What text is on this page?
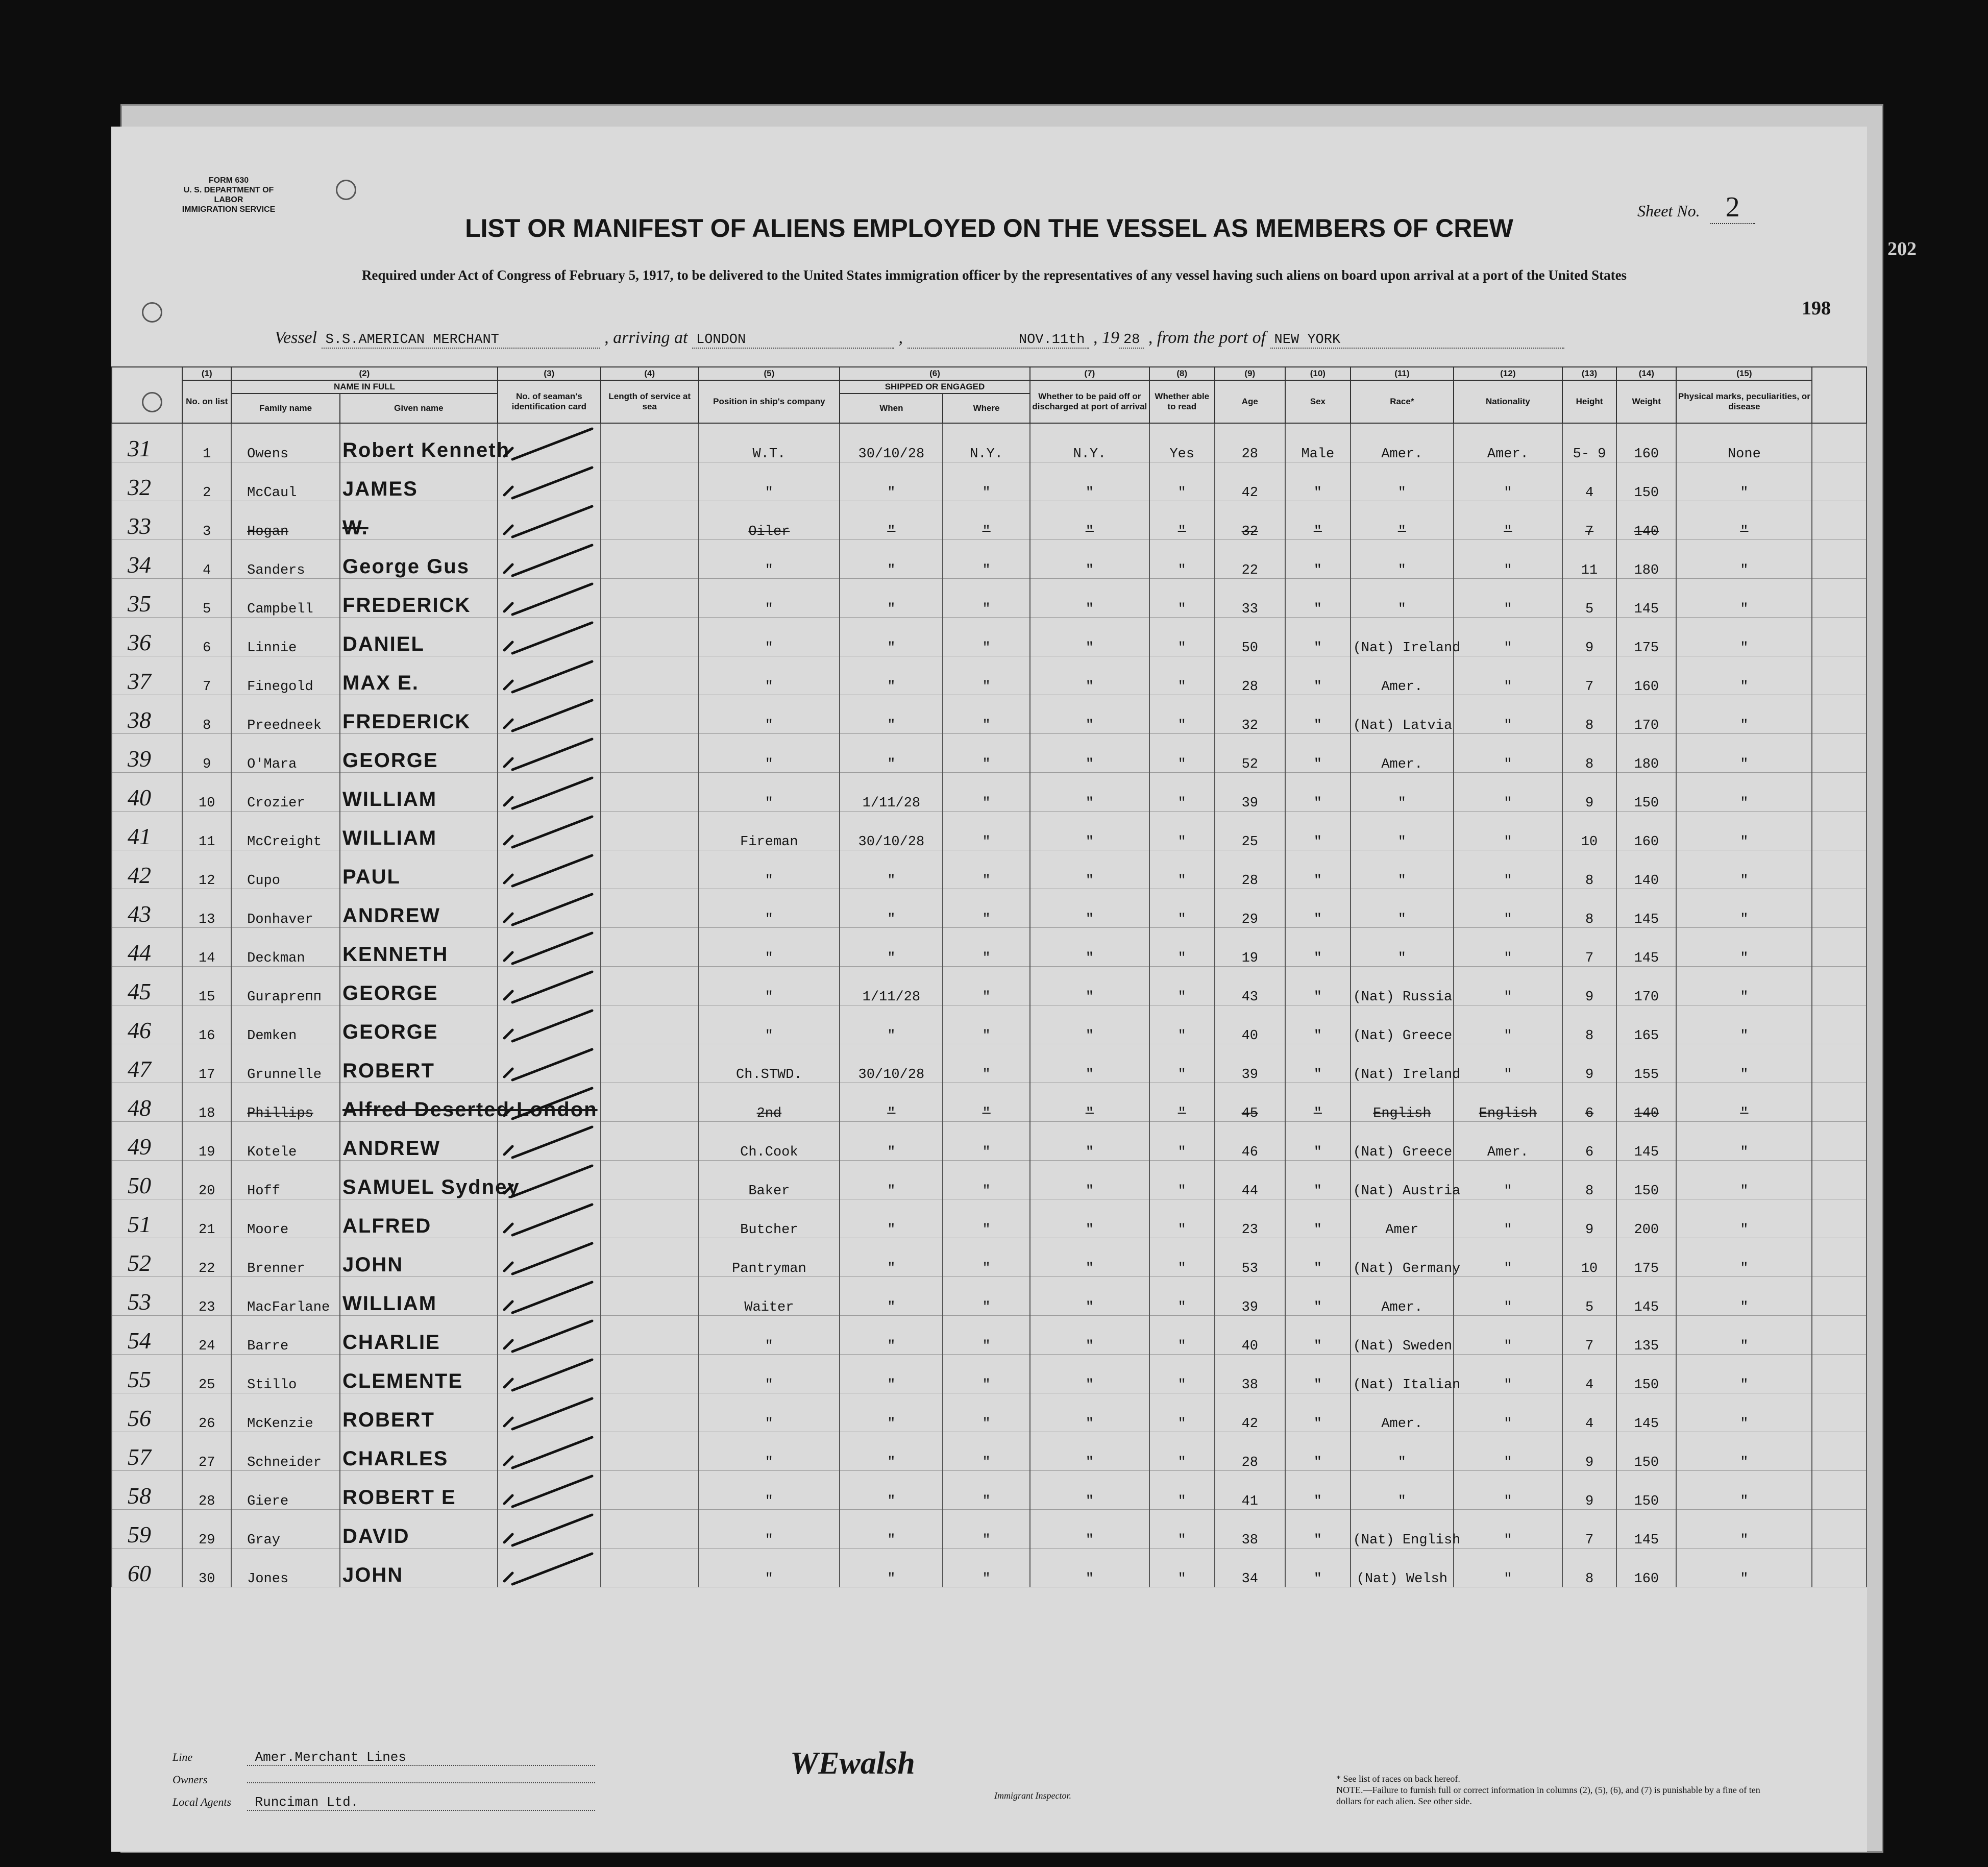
FORM 630
U. S. DEPARTMENT OF LABOR
IMMIGRATION SERVICE	Sheet No. 2
LIST OR MANIFEST OF ALIENS EMPLOYED ON THE VESSEL AS MEMBERS OF CREW
Required under Act of Congress of February 5, 1917, to be delivered to the United States immigration officer by the representatives of any vessel having such aliens on board upon arrival at a port of the United States
198
Vessel S.S.AMERICAN MERCHANT	, arriving at LONDON	,	NOV.11th , 19 28 , from the port of NEW YORK
	(1)	(2)		(3)	(4)	(5)	(6)		(7)	(8)	(9)	(10)	(11)	(12)	(13)	(14)	(15)	
	No. on list	NAME IN FULL		No. of seaman's identification card	Length of service at sea	Position in ship's company	SHIPPED OR ENGAGED		Whether to be paid off or discharged at port of arrival	Whether able to read	Age	Sex	Race*	Nationality	Height	Weight	Physical marks, peculiarities, or disease	
		Family name	Given name				When	Where										
31	1	Owens	Robert Kenneth			W.T.	30/10/28	N.Y.	N.Y.	Yes	28	Male	Amer.	Amer.	5- 9	160	None	
32	2	McCaul	JAMES			"	"	"	"	"	42	"	"	"	4	150	"	
33	3	Hogan	W.			Oiler	"	"	"	"	32	"	"	"	7	140	"	
34	4	Sanders	George Gus			"	"	"	"	"	22	"	"	"	11	180	"	
35	5	Campbell	FREDERICK			"	"	"	"	"	33	"	"	"	5	145	"	
36	6	Linnie	DANIEL			"	"	"	"	"	50	"	(Nat) Ireland	"	9	175	"	
37	7	Finegold	MAX E.			"	"	"	"	"	28	"	Amer.	"	7	160	"	
38	8	Preedneek	FREDERICK			"	"	"	"	"	32	"	(Nat) Latvia	"	8	170	"	
39	9	O'Mara	GEORGE			"	"	"	"	"	52	"	Amer.	"	8	180	"	
40	10	Crozier	WILLIAM			"	1/11/28	"	"	"	39	"	"	"	9	150	"	
41	11	McCreight	WILLIAM			Fireman	30/10/28	"	"	"	25	"	"	"	10	160	"	
42	12	Cupo	PAUL			"	"	"	"	"	28	"	"	"	8	140	"	
43	13	Donhaver	ANDREW			"	"	"	"	"	29	"	"	"	8	145	"	
44	14	Deckman	KENNETH			"	"	"	"	"	19	"	"	"	7	145	"	
45	15	Gurapreпп	GEORGE			"	1/11/28	"	"	"	43	"	(Nat) Russia	"	9	170	"	
46	16	Demken	GEORGE			"	"	"	"	"	40	"	(Nat) Greece	"	8	165	"	
47	17	Grunnelle	ROBERT			Ch.STWD.	30/10/28	"	"	"	39	"	(Nat) Ireland	"	9	155	"	
48	18	Phillips	Alfred Deserted London			2nd	"	"	"	"	45	"	English	English	6	140	"	
49	19	Kotele	ANDREW			Ch.Cook	"	"	"	"	46	"	(Nat) Greece	Amer.	6	145	"	
50	20	Hoff	SAMUEL Sydney			Baker	"	"	"	"	44	"	(Nat) Austria	"	8	150	"	
51	21	Moore	ALFRED			Butcher	"	"	"	"	23	"	Amer	"	9	200	"	
52	22	Brenner	JOHN			Pantryman	"	"	"	"	53	"	(Nat) Germany	"	10	175	"	
53	23	MacFarlane	WILLIAM			Waiter	"	"	"	"	39	"	Amer.	"	5	145	"	
54	24	Barre	CHARLIE			"	"	"	"	"	40	"	(Nat) Sweden	"	7	135	"	
55	25	Stillo	CLEMENTE			"	"	"	"	"	38	"	(Nat) Italian	"	4	150	"	
56	26	McKenzie	ROBERT			"	"	"	"	"	42	"	Amer.	"	4	145	"	
57	27	Schneider	CHARLES			"	"	"	"	"	28	"	"	"	9	150	"	
58	28	Giere	ROBERT E			"	"	"	"	"	41	"	"	"	9	150	"	
59	29	Gray	DAVID			"	"	"	"	"	38	"	(Nat) English	"	7	145	"	
60	30	Jones	JOHN			"	"	"	"	"	34	"	(Nat) Welsh	"	8	160	"	
Line	Amer.Merchant Lines
Owners
Local Agents Runciman Ltd.
WEwalsh
Immigrant Inspector.
* See list of races on back hereof.
NOTE.—Failure to furnish full or correct information in columns (2), (5), (6), and (7) is punishable by a fine of ten dollars for each alien. See other side.
202
